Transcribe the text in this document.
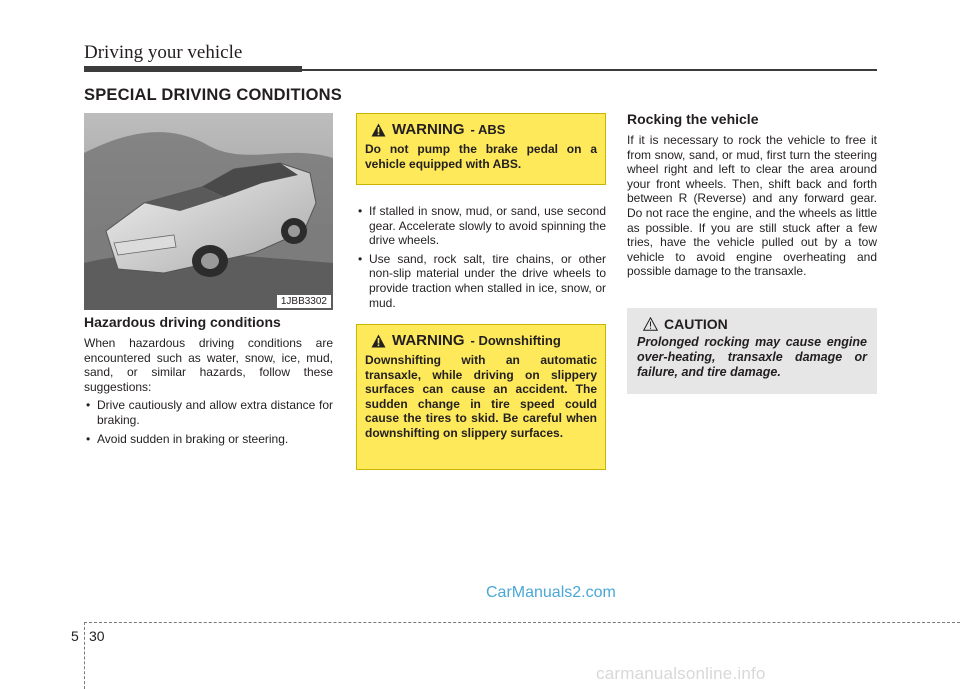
Driving your vehicle
SPECIAL DRIVING CONDITIONS
1JBB3302
Hazardous driving conditions

When hazardous driving conditions are encountered such as water, snow, ice, mud, sand, or similar hazards, follow these suggestions:

• Drive cautiously and allow extra distance for braking.
• Avoid sudden in braking or steering.
WARNING - ABS
Do not pump the brake pedal on a vehicle equipped with ABS.
• If stalled in snow, mud, or sand, use second gear. Accelerate slowly to avoid spinning the drive wheels.
• Use sand, rock salt, tire chains, or other non-slip material under the drive wheels to provide traction when stalled in ice, snow, or mud.
WARNING - Downshifting
Downshifting with an automatic transaxle, while driving on slippery surfaces can cause an accident. The sudden change in tire speed could cause the tires to skid. Be careful when downshifting on slippery surfaces.
Rocking the vehicle

If it is necessary to rock the vehicle to free it from snow, sand, or mud, first turn the steering wheel right and left to clear the area around your front wheels. Then, shift back and forth between R (Reverse) and any forward gear. Do not race the engine, and the wheels as little as possible. If you are still stuck after a few tries, have the vehicle pulled out by a tow vehicle to avoid engine overheating and possible damage to the transaxle.

CAUTION
Prolonged rocking may cause engine over-heating, transaxle damage or failure, and tire damage.
CarManuals2.com
5 30
carmanualsonline.info
